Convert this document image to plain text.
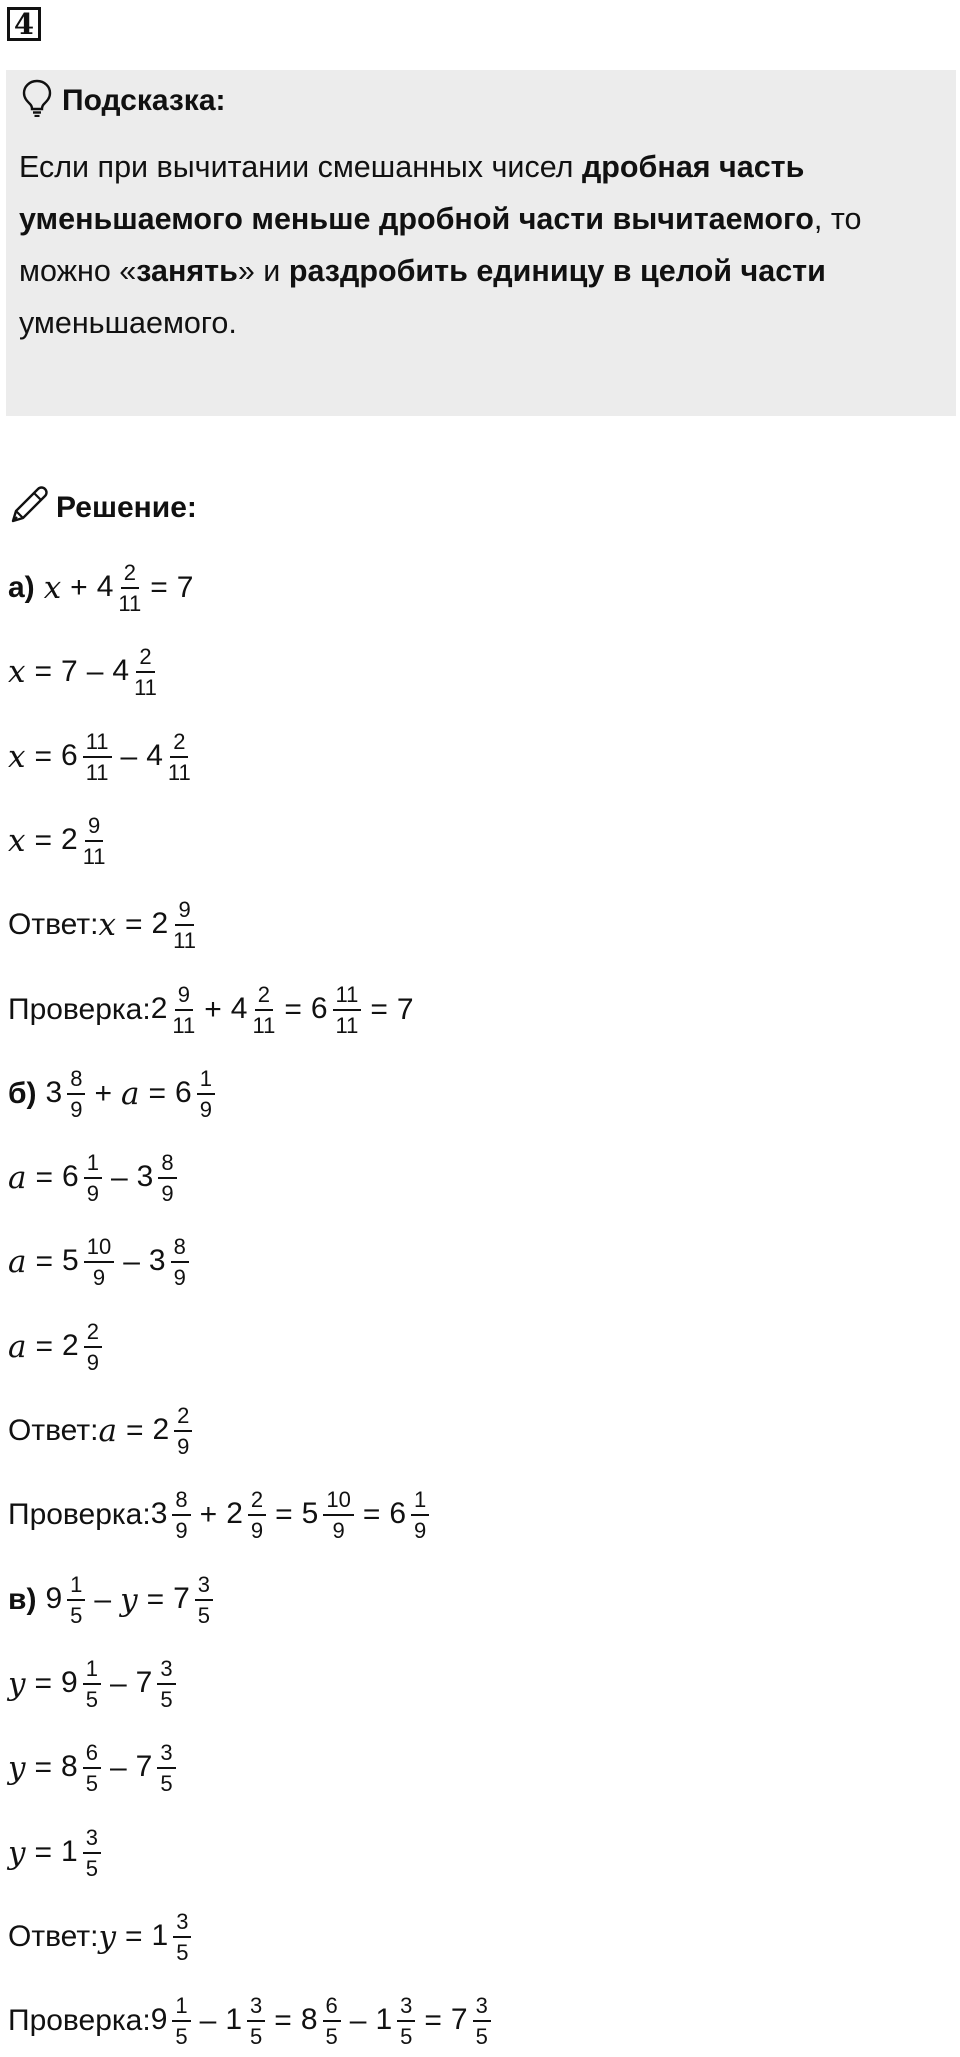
4
Подсказка:
Если при вычитании смешанных чисел дробная часть уменьшаемого меньше дробной части вычитаемого, то можно «занять» и раздробить единицу в целой части уменьшаемого.
Решение:
а) $x + 4 \frac{2}{11} = 7$
$x = 7 - 4 \frac{2}{11}$
$x = 6 \frac{11}{11} - 4 \frac{2}{11}$
$x = 2 \frac{9}{11}$
Ответ: $x = 2 \frac{9}{11}$
Проверка: $2 \frac{9}{11} + 4 \frac{2}{11} = 6 \frac{11}{11} = 7$
б) $3 \frac{8}{9} + a = 6 \frac{1}{9}$
$a = 6 \frac{1}{9} - 3 \frac{8}{9}$
$a = 5 \frac{10}{9} - 3 \frac{8}{9}$
$a = 2 \frac{2}{9}$
Ответ: $a = 2 \frac{2}{9}$
Проверка: $3 \frac{8}{9} + 2 \frac{2}{9} = 5 \frac{10}{9} = 6 \frac{1}{9}$
в) $9 \frac{1}{5} - y = 7 \frac{3}{5}$
$y = 9 \frac{1}{5} - 7 \frac{3}{5}$
$y = 8 \frac{6}{5} - 7 \frac{3}{5}$
$y = 1 \frac{3}{5}$
Ответ: $y = 1 \frac{3}{5}$
Проверка: $9 \frac{1}{5} - 1 \frac{3}{5} = 8 \frac{6}{5} - 1 \frac{3}{5} = 7 \frac{3}{5}$
